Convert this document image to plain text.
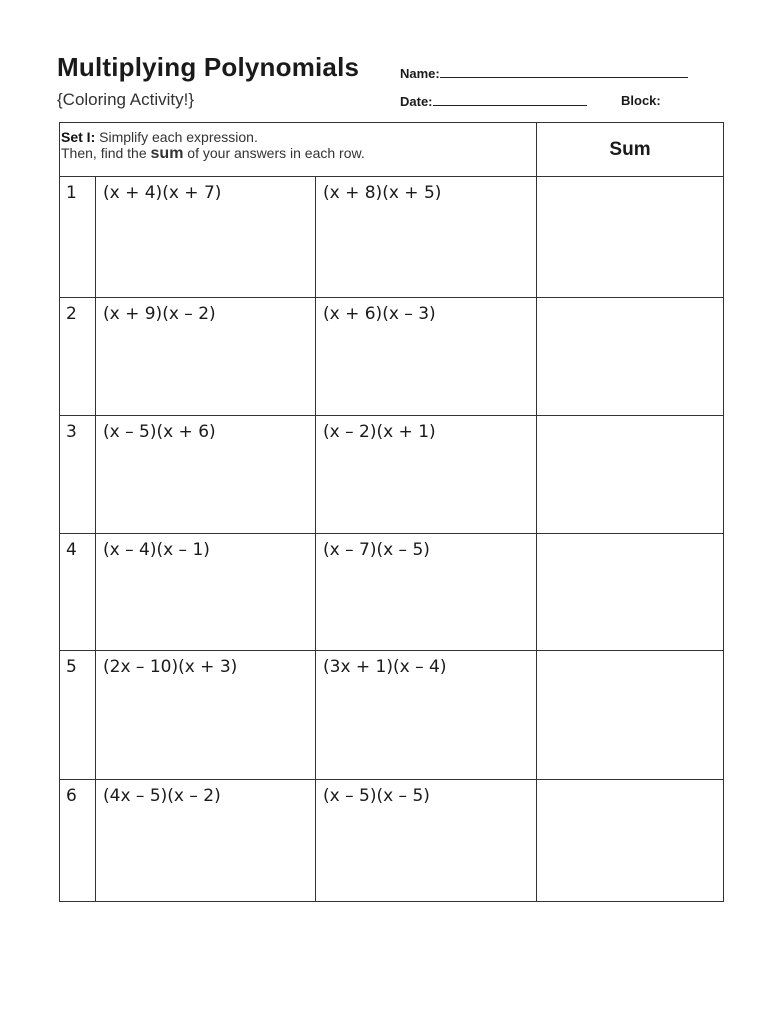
Multiplying Polynomials
{Coloring Activity!}
Name:
Date:	Block:
Set I: Simplify each expression.
Then, find the sum of your answers in each row.			Sum
1	(x + 4)(x + 7)	(x + 8)(x + 5)	
2	(x + 9)(x – 2)	(x + 6)(x – 3)	
3	(x – 5)(x + 6)	(x – 2)(x + 1)	
4	(x – 4)(x – 1)	(x – 7)(x – 5)	
5	(2x – 10)(x + 3)	(3x + 1)(x – 4)	
6	(4x – 5)(x – 2)	(x – 5)(x – 5)	
